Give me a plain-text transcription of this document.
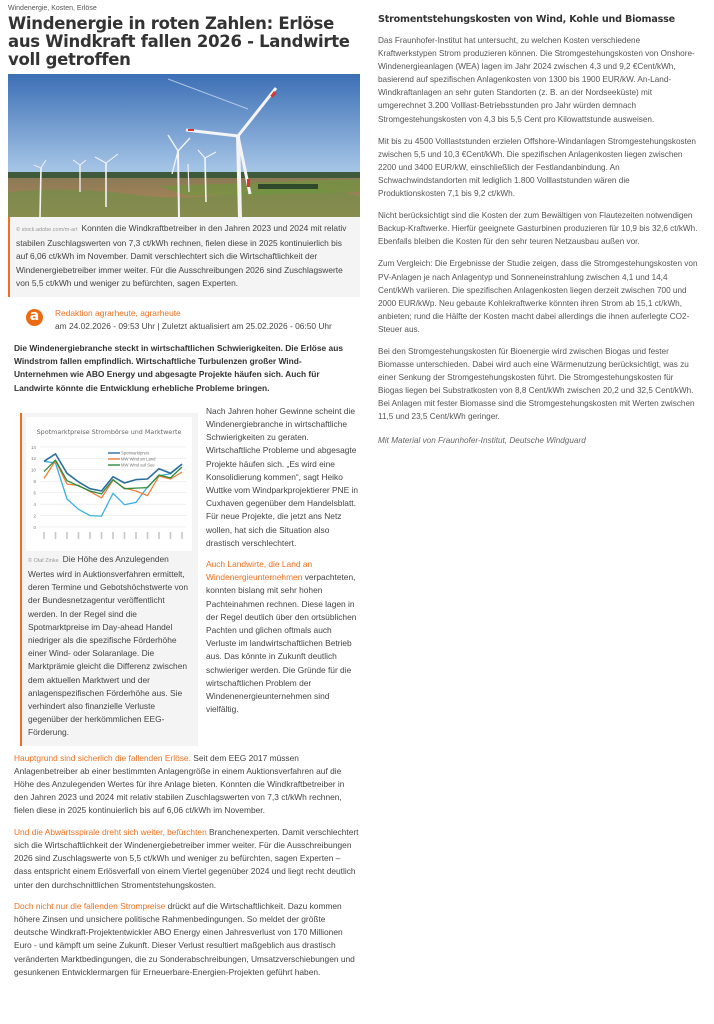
Windenergie, Kosten, Erlöse
Windenergie in roten Zahlen: Erlöse aus Windkraft fallen 2026 - Landwirte voll getroffen
© stock.adobe.com/m-art Konnten die Windkraftbetreiber in den Jahren 2023 und 2024 mit relativ stabilen Zuschlagswerten von 7,3 ct/kWh rechnen, fielen diese in 2025 kontinuierlich bis auf 6,06 ct/kWh im November. Damit verschlechtert sich die Wirtschaftlichkeit der Windenergiebetreiber immer weiter. Für die Ausschreibungen 2026 sind Zuschlagswerte von 5,5 ct/kWh und weniger zu befürchten, sagen Experten.
a	Redaktion agrarheute, agrarheute
am 24.02.2026 - 09:53 Uhr | Zuletzt aktualisiert am 25.02.2026 - 06:50 Uhr

Die Windenergiebranche steckt in wirtschaftlichen Schwierigkeiten. Die Erlöse aus Windstrom fallen empfindlich. Wirtschaftliche Turbulenzen großer Wind-Unternehmen wie ABO Energy und abgesagte Projekte häufen sich. Auch für Landwirte könnte die Entwicklung erhebliche Probleme bringen.

Spotmarktpreise Strombörse und Marktwerte
0
2
4
6
8
10
12
14
Spotmarktpreis
MW Wind an Land
MW Wind auf See
© Olaf Zinke Die Höhe des Anzulegenden Wertes wird in Auktionsverfahren ermittelt, deren Termine und Gebotshöchstwerte von der Bundesnetzagentur veröffentlicht werden. In der Regel sind die Spotmarktpreise im Day-ahead Handel niedriger als die spezifische Förderhöhe einer Wind- oder Solaranlage. Die Marktprämie gleicht die Differenz zwischen dem aktuellen Marktwert und der anlagenspezifischen Förderhöhe aus. Sie verhindert also finanzielle Verluste gegenüber der herkömmlichen EEG-Förderung.

Nach Jahren hoher Gewinne scheint die Windenergiebranche in wirtschaftliche Schwierigkeiten zu geraten. Wirtschaftliche Probleme und abgesagte Projekte häufen sich. „Es wird eine Konsolidierung kommen“, sagt Heiko Wuttke vom Windparkprojektierer PNE in Cuxhaven gegenüber dem Handelsblatt. Für neue Projekte, die jetzt ans Netz wollen, hat sich die Situation also drastisch verschlechtert.

Auch Landwirte, die Land an Windenergieunternehmen verpachteten, konnten bislang mit sehr hohen Pachteinahmen rechnen. Diese lagen in der Regel deutlich über den ortsüblichen Pachten und glichen oftmals auch Verluste im landwirtschaftlichen Betrieb aus. Das könnte in Zukunft deutlich schwieriger werden. Die Gründe für die wirtschaftlichen Problem der Windenenergieunternehmen sind vielfältig.

Hauptgrund sind sicherlich die fallenden Erlöse. Seit dem EEG 2017 müssen Anlagenbetreiber ab einer bestimmten Anlagengröße in einem Auktionsverfahren auf die Höhe des Anzulegenden Wertes für ihre Anlage bieten. Konnten die Windkraftbetreiber in den Jahren 2023 und 2024 mit relativ stabilen Zuschlagswerten von 7,3 ct/kWh rechnen, fielen diese in 2025 kontinuierlich bis auf 6,06 ct/kWh im November.

Und die Abwärtsspirale dreht sich weiter, befürchten Branchenexperten. Damit verschlechtert sich die Wirtschaftlichkeit der Windenergiebetreiber immer weiter. Für die Ausschreibungen 2026 sind Zuschlagswerte von 5,5 ct/kWh und weniger zu befürchten, sagen Experten – dass entspricht einem Erlösverfall von einem Viertel gegenüber 2024 und liegt recht deutlich unter den durchschnittlichen Stromentstehungskosten.

Doch nicht nur die fallenden Strompreise drückt auf die Wirtschaftlichkeit. Dazu kommen höhere Zinsen und unsichere politische Rahmenbedingungen. So meldet der größte deutsche Windkraft-Projektentwickler ABO Energy einen Jahresverlust von 170 Millionen Euro - und kämpft um seine Zukunft. Dieser Verlust resultiert maßgeblich aus drastisch veränderten Marktbedingungen, die zu Sonderabschreibungen, Umsatzverschiebungen und gesunkenen Entwicklermargen für Erneuerbare-Energien-Projekten geführt haben.

Stromentstehungskosten von Wind, Kohle und Biomasse

Das Fraunhofer-Institut hat untersucht, zu welchen Kosten verschiedene Kraftwerkstypen Strom produzieren können. Die Stromgestehungskosten von Onshore-Windenergieanlagen (WEA) lagen im Jahr 2024 zwischen 4,3 und 9,2 €Cent/kWh, basierend auf spezifischen Anlagenkosten von 1300 bis 1900 EUR/kW. An-Land-Windkraftanlagen an sehr guten Standorten (z. B. an der Nordseeküste) mit umgerechnet 3.200 Volllast-Betriebsstunden pro Jahr würden demnach Stromgestehungskosten von 4,3 bis 5,5 Cent pro Kilowattstunde ausweisen.

Mit bis zu 4500 Volllaststunden erzielen Offshore-Windanlagen Stromgestehungskosten zwischen 5,5 und 10,3 €Cent/kWh. Die spezifischen Anlagenkosten liegen zwischen 2200 und 3400 EUR/kW, einschließlich der Festlandanbindung. An Schwachwindstandorten mit lediglich 1.800 Volllaststunden wären die Produktionskosten 7,1 bis 9,2 ct/kWh.

Nicht berücksichtigt sind die Kosten der zum Bewältigen von Flautezeiten notwendigen Backup-Kraftwerke. Hierfür geeignete Gasturbinen produzieren für 10,9 bis 32,6 ct/kWh. Ebenfalls bleiben die Kosten für den sehr teuren Netzausbau außen vor.

Zum Vergleich: Die Ergebnisse der Studie zeigen, dass die Stromgestehungskosten von PV-Anlagen je nach Anlagentyp und Sonneneinstrahlung zwischen 4,1 und 14,4 Cent/kWh variieren. Die spezifischen Anlagenkosten liegen derzeit zwischen 700 und 2000 EUR/kWp. Neu gebaute Kohlekraftwerke könnten ihren Strom ab 15,1 ct/kWh, anbieten; rund die Hälfte der Kosten macht dabei allerdings die ihnen auferlegte CO2-Steuer aus.

Bei den Stromgestehungskosten für Bioenergie wird zwischen Biogas und fester Biomasse unterschieden. Dabei wird auch eine Wärmenutzung berücksichtigt, was zu einer Senkung der Stromgestehungskosten führt. Die Stromgestehungskosten für Biogas liegen bei Substratkosten von 8,8 Cent/kWh zwischen 20,2 und 32,5 Cent/kWh. Bei Anlagen mit fester Biomasse sind die Stromgestehungskosten mit Werten zwischen 11,5 und 23,5 Cent/kWh geringer.

Mit Material von Fraunhofer-Institut, Deutsche Windguard
